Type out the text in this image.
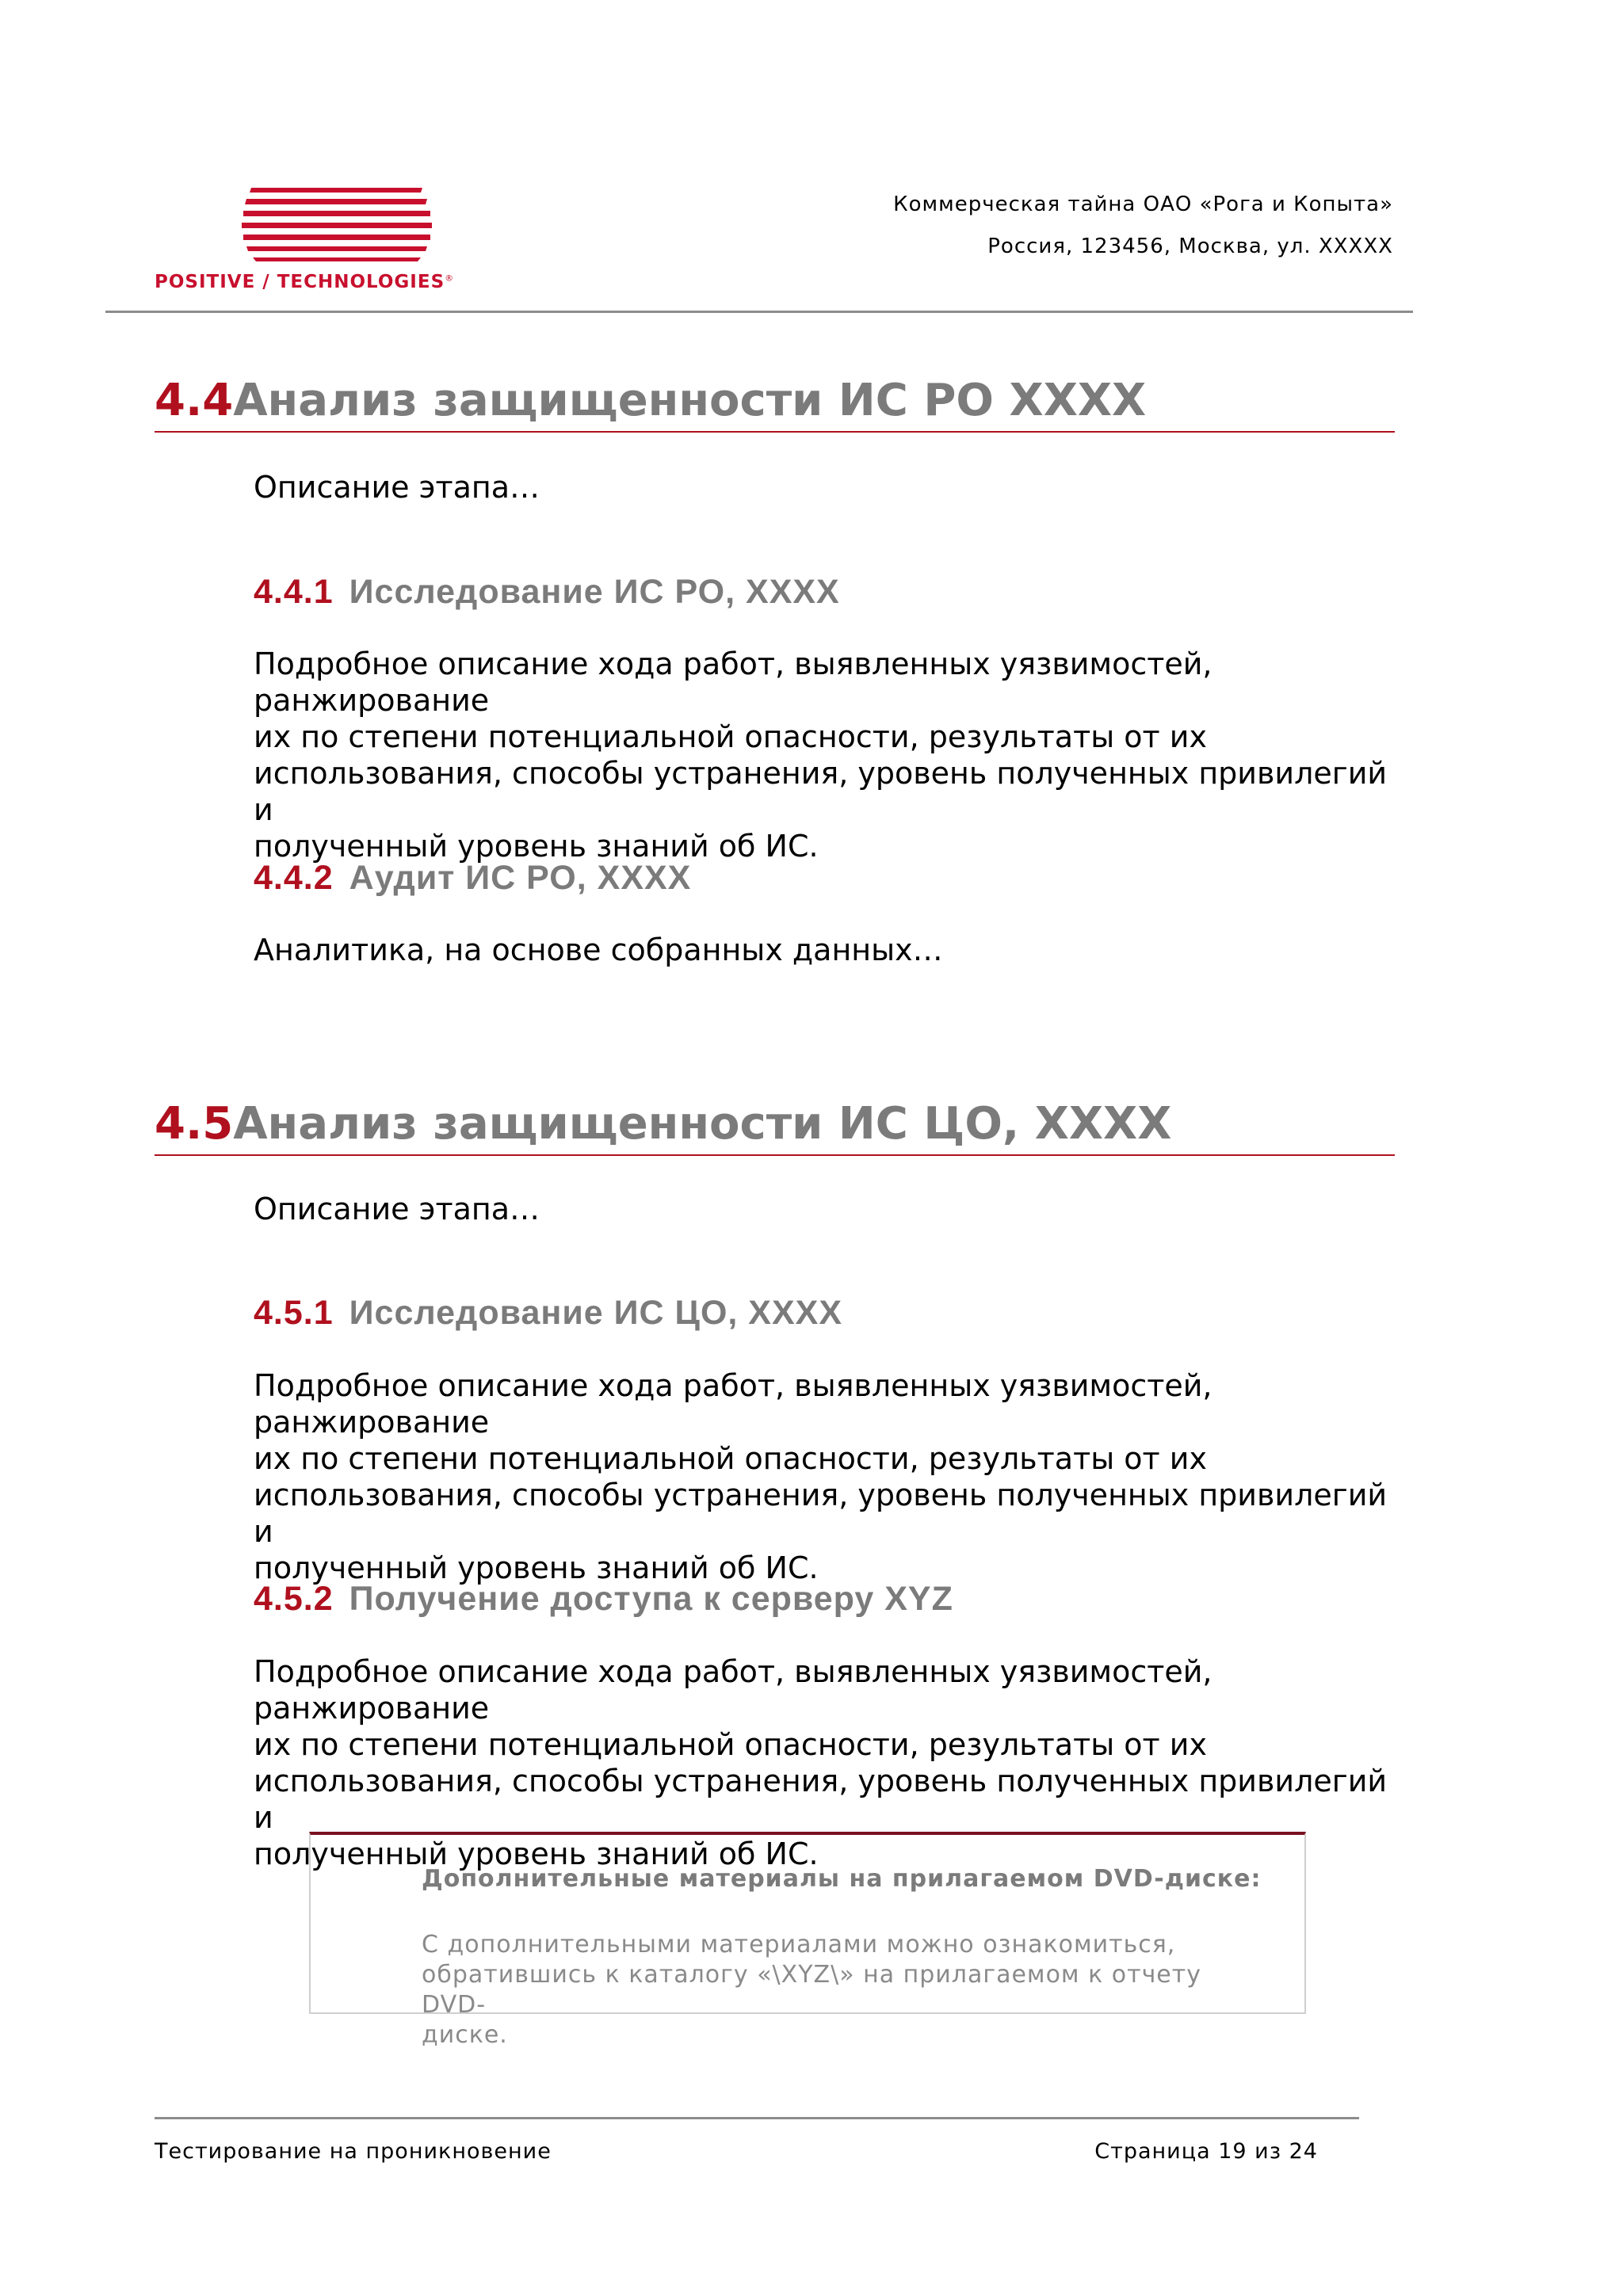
POSITIVE / TECHNOLOGIES®
Коммерческая тайна ОАО «Рога и Копыта»
Россия, 123456, Москва, ул. XXXXX
4.4Анализ защищенности ИС РО XXXX
Описание этапа…
4.4.1 Исследование ИС РО, XXXX
Подробное описание хода работ, выявленных уязвимостей, ранжирование
их по степени потенциальной опасности, результаты от их
использования, способы устранения, уровень полученных привилегий и
полученный уровень знаний об ИС.
4.4.2 Аудит ИС РО, XXXX
Аналитика, на основе собранных данных…
4.5Анализ защищенности ИС ЦО, XXXX
Описание этапа…
4.5.1 Исследование ИС ЦО, XXXX
Подробное описание хода работ, выявленных уязвимостей, ранжирование
их по степени потенциальной опасности, результаты от их
использования, способы устранения, уровень полученных привилегий и
полученный уровень знаний об ИС.
4.5.2 Получение доступа к серверу XYZ
Подробное описание хода работ, выявленных уязвимостей, ранжирование
их по степени потенциальной опасности, результаты от их
использования, способы устранения, уровень полученных привилегий и
полученный уровень знаний об ИС.
Дополнительные материалы на прилагаемом DVD-диске:
С дополнительными материалами можно ознакомиться,
обратившись к каталогу «\XYZ\» на прилагаемом к отчету DVD-
диске.
Тестирование на проникновение	Страница 19 из 24
